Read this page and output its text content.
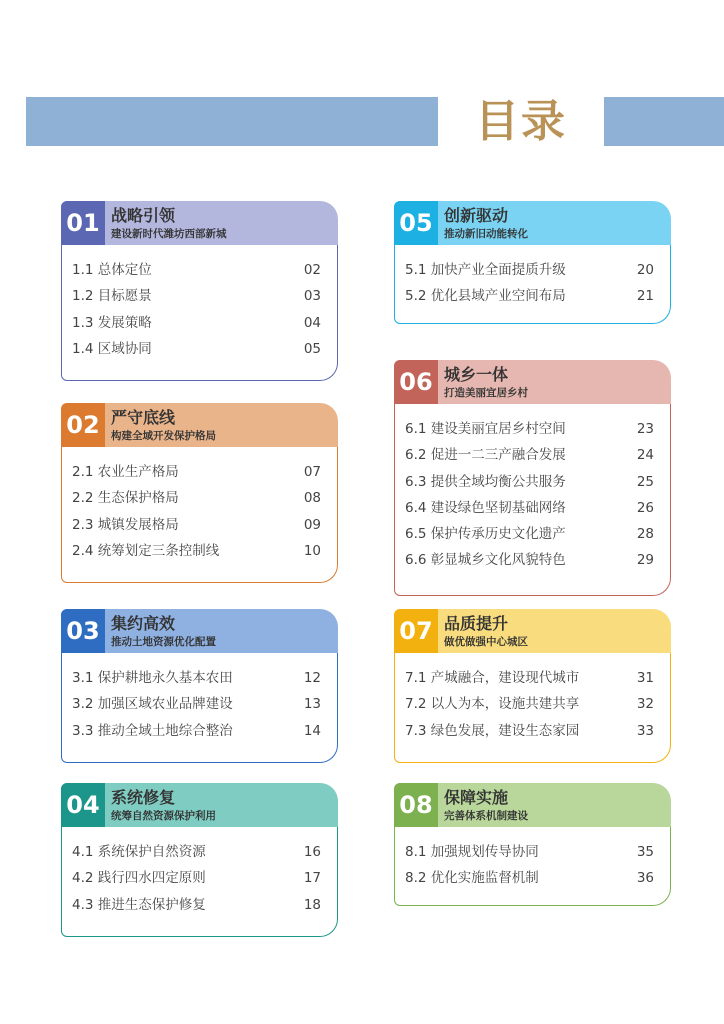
目录
01 战略引领
建设新时代潍坊西部新城
1.1 总体定位	02
1.2 目标愿景	03
1.3 发展策略	04
1.4 区域协同	05
02 严守底线
构建全域开发保护格局
2.1 农业生产格局	07
2.2 生态保护格局	08
2.3 城镇发展格局	09
2.4 统筹划定三条控制线	10
03 集约高效
推动土地资源优化配置
3.1 保护耕地永久基本农田	12
3.2 加强区域农业品牌建设	13
3.3 推动全域土地综合整治	14
04 系统修复
统筹自然资源保护利用
4.1 系统保护自然资源	16
4.2 践行四水四定原则	17
4.3 推进生态保护修复	18
05 创新驱动
推动新旧动能转化
5.1 加快产业全面提质升级	20
5.2 优化县域产业空间布局	21
06 城乡一体
打造美丽宜居乡村
6.1 建设美丽宜居乡村空间	23
6.2 促进一二三产融合发展	24
6.3 提供全域均衡公共服务	25
6.4 建设绿色坚韧基础网络	26
6.5 保护传承历史文化遗产	28
6.6 彰显城乡文化风貌特色	29
07 品质提升
做优做强中心城区
7.1 产城融合，建设现代城市	31
7.2 以人为本，设施共建共享	32
7.3 绿色发展，建设生态家园	33
08 保障实施
完善体系机制建设
8.1 加强规划传导协同	35
8.2 优化实施监督机制	36
